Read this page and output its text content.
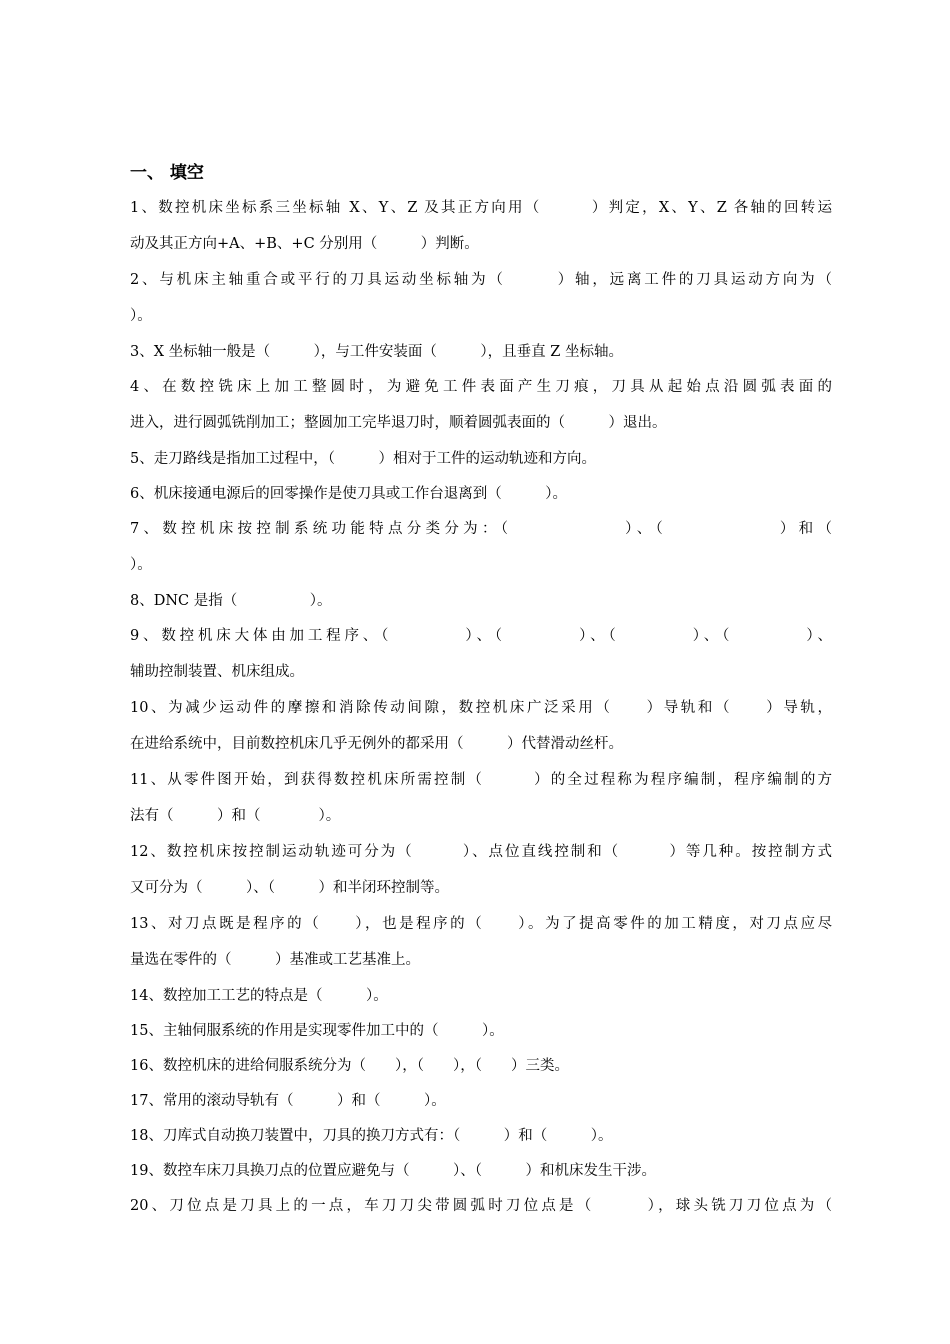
一、 填空
1、数控机床坐标系三坐标轴 X、Y、Z 及其正方向用（　　　）判定，X、Y、Z 各轴的回转运
动及其正方向+A、+B、+C 分别用（　　　）判断。
2、与机床主轴重合或平行的刀具运动坐标轴为（　　　）轴，远离工件的刀具运动方向为（
）。
3、X 坐标轴一般是（　　　），与工件安装面（　　　），且垂直 Z 坐标轴。
4、在数控铣床上加工整圆时，为避免工件表面产生刀痕，刀具从起始点沿圆弧表面的
进入，进行圆弧铣削加工；整圆加工完毕退刀时，顺着圆弧表面的（　　　）退出。
5、走刀路线是指加工过程中，（　　　）相对于工件的运动轨迹和方向。
6、机床接通电源后的回零操作是使刀具或工作台退离到（　　　）。
7、数控机床按控制系统功能特点分类分为：（　　　　　　）、（　　　　　　）和（
）。
8、DNC 是指（　　　　　）。
9、数控机床大体由加工程序、（　　　　）、（　　　　）、（　　　　）、（　　　　）、
辅助控制装置、机床组成。
10、为减少运动件的摩擦和消除传动间隙，数控机床广泛采用（　　）导轨和（　　）导轨，
在进给系统中，目前数控机床几乎无例外的都采用（　　　）代替滑动丝杆。
11、从零件图开始，到获得数控机床所需控制（　　　）的全过程称为程序编制，程序编制的方
法有（　　　）和（　　　　）。
12、数控机床按控制运动轨迹可分为（　　　）、点位直线控制和（　　　）等几种。按控制方式
又可分为（　　　）、（　　　）和半闭环控制等。
13、对刀点既是程序的（　　），也是程序的（　　）。为了提高零件的加工精度，对刀点应尽
量选在零件的（　　　）基准或工艺基准上。
14、数控加工工艺的特点是（　　　）。
15、主轴伺服系统的作用是实现零件加工中的（　　　）。
16、数控机床的进给伺服系统分为（　　），（　　），（　　）三类。
17、常用的滚动导轨有（　　　）和（　　　）。
18、刀库式自动换刀装置中，刀具的换刀方式有：（　　　）和（　　　）。
19、数控车床刀具换刀点的位置应避免与（　　　）、（　　　）和机床发生干涉。
20、刀位点是刀具上的一点，车刀刀尖带圆弧时刀位点是（　　　），球头铣刀刀位点为（
